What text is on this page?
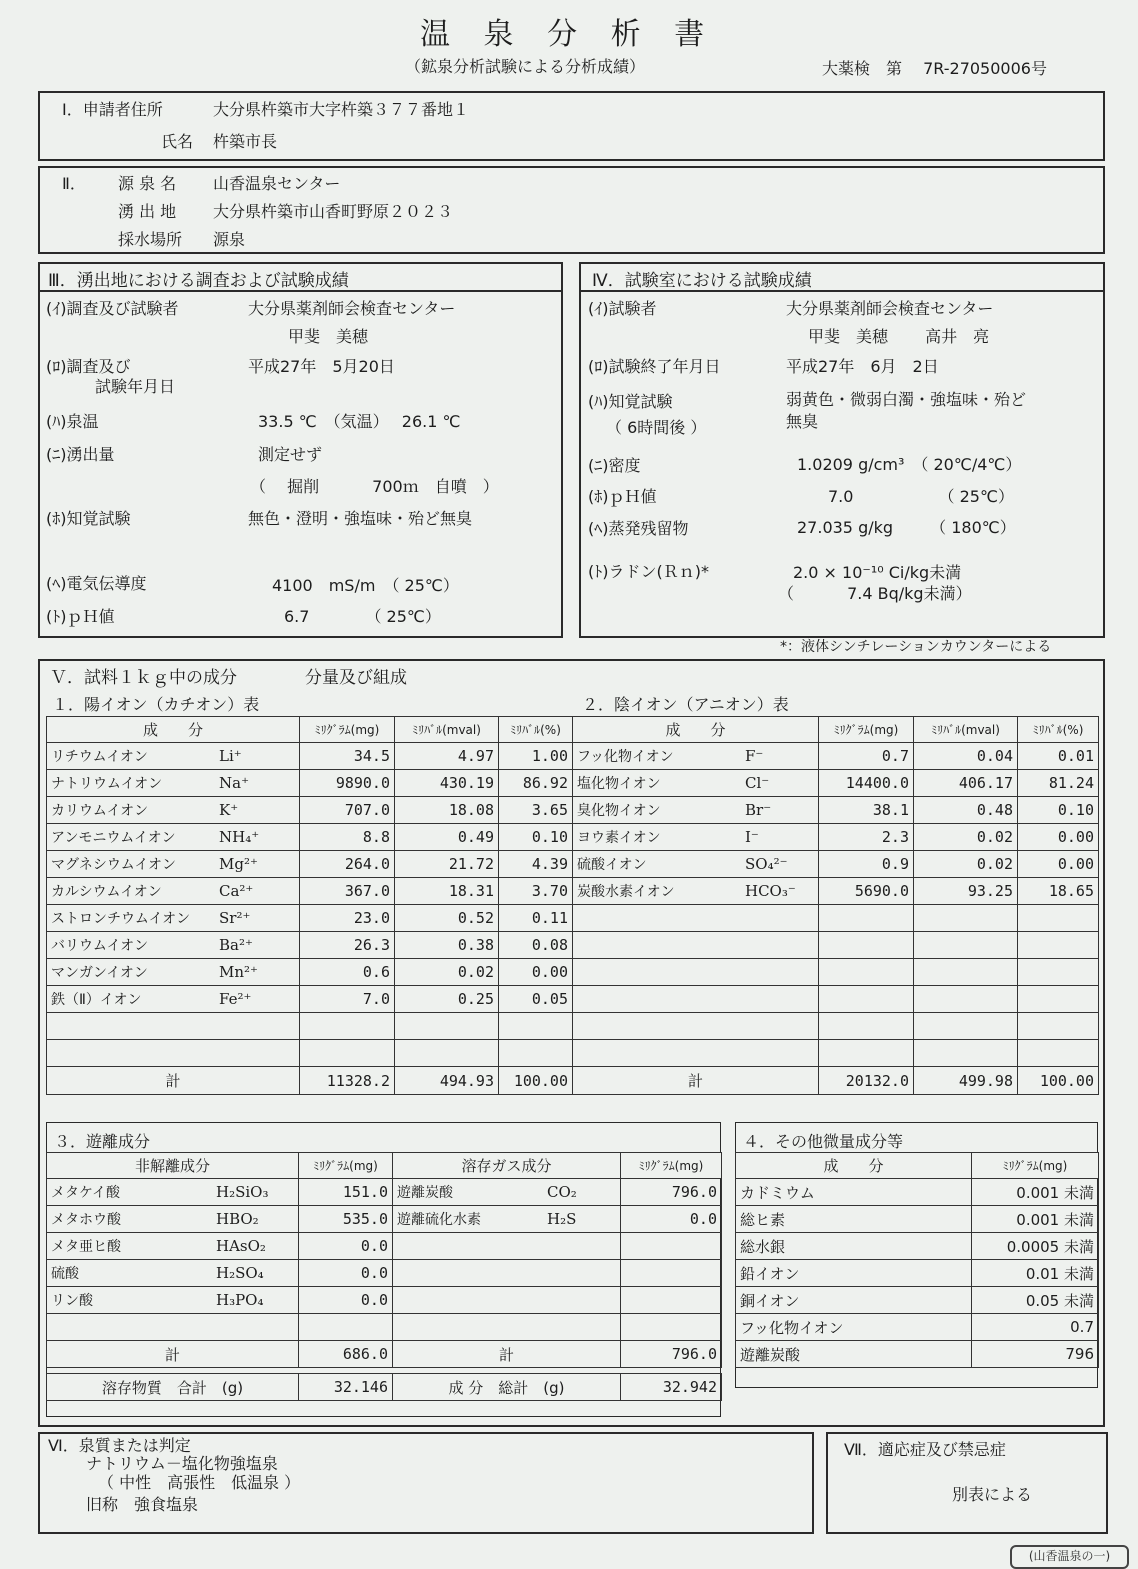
温 泉 分 析 書
（鉱泉分析試験による分析成績）	大薬検　第　 7R-27050006号
Ⅰ．申請者住所	大分県杵築市大字杵築３７７番地１
氏名 杵築市長
Ⅱ． 源 泉 名 山香温泉センター
湧 出 地 大分県杵築市山香町野原２０２３
採水場所 源泉
Ⅲ．湧出地における調査および試験成績
(ｲ)調査及び試験者	大分県薬剤師会検査センター
甲斐　美穂
(ﾛ)調査及び
試験年月日
平成27年　5月20日
(ﾊ)泉温	33.5 ℃　（気温）　 26.1 ℃
(ﾆ)湧出量	測定せず
（　 掘削　　　 700ｍ　自噴　）
(ﾎ)知覚試験	無色・澄明・強塩味・殆ど無臭
(ﾍ)電気伝導度	4100　mS/m　（ 25℃）
(ﾄ)ｐＨ値	6.7　　　　（ 25℃）
Ⅳ．試験室における試験成績
(ｲ)試験者	大分県薬剤師会検査センター
甲斐　美穂　　 高井　亮
(ﾛ)試験終了年月日	平成27年　6月　2日
(ﾊ)知覚試験
（ 6時間後 ）
弱黄色・微弱白濁・強塩味・殆ど
無臭
(ﾆ)密度	1.0209 g/cm³　（ 20℃/4℃）
(ﾎ)ｐＨ値	7.0　　　　　 （ 25℃）
(ﾍ)蒸発残留物	27.035 g/kg　　 （ 180℃）
(ﾄ)ラドン(Ｒｎ)*	2.0 × 10⁻¹⁰ Ci/kg未満
（　　　 7.4 Bq/kg未満）
*：液体シンチレーションカウンターによる
Ｖ．試料１ｋｇ中の成分　　　　分量及び組成
１．陽イオン（カチオン）表	２．陰イオン（アニオン）表
成　　分	ﾐﾘｸﾞﾗﾑ(mg)	ﾐﾘﾊﾞﾙ(mval)	ﾐﾘﾊﾞﾙ(%)
リチウムイオン Li⁺	34.5	4.97	1.00
ナトリウムイオン Na⁺	9890.0	430.19	86.92
カリウムイオン K⁺	707.0	18.08	3.65
アンモニウムイオン NH₄⁺	8.8	0.49	0.10
マグネシウムイオン Mg²⁺	264.0	21.72	4.39
カルシウムイオン Ca²⁺	367.0	18.31	3.70
ストロンチウムイオン Sr²⁺	23.0	0.52	0.11
バリウムイオン Ba²⁺	26.3	0.38	0.08
マンガンイオン Mn²⁺	0.6	0.02	0.00
鉄（Ⅱ）イオン Fe²⁺	7.0	0.25	0.05

計	11328.2	494.93	100.00
成　　分	ﾐﾘｸﾞﾗﾑ(mg)	ﾐﾘﾊﾞﾙ(mval)	ﾐﾘﾊﾞﾙ(%)
フッ化物イオン F⁻	0.7	0.04	0.01
塩化物イオン Cl⁻	14400.0	406.17	81.24
臭化物イオン Br⁻	38.1	0.48	0.10
ヨウ素イオン I⁻	2.3	0.02	0.00
硫酸イオン SO₄²⁻	0.9	0.02	0.00
炭酸水素イオン HCO₃⁻	5690.0	93.25	18.65

計	20132.0	499.98	100.00
３．遊離成分
非解離成分	ﾐﾘｸﾞﾗﾑ(mg)	溶存ガス成分	ﾐﾘｸﾞﾗﾑ(mg)
メタケイ酸 H₂SiO₃	151.0	遊離炭酸 CO₂	796.0
メタホウ酸 HBO₂	535.0	遊離硫化水素 H₂S	0.0
メタ亜ヒ酸 HAsO₂	0.0		
硫酸 H₂SO₄	0.0		
リン酸 H₃PO₄	0.0		

計	686.0	計	796.0

溶存物質　合計　(g)	32.146	成 分　総計　(g)	32.942
４．その他微量成分等
成　　分	ﾐﾘｸﾞﾗﾑ(mg)
カドミウム	0.001 未満
総ヒ素	0.001 未満
総水銀	0.0005 未満
鉛イオン	0.01 未満
銅イオン	0.05 未満
フッ化物イオン	0.7
遊離炭酸	796
Ⅵ．泉質または判定
ナトリウム－塩化物強塩泉
（ 中性　高張性　低温泉 ）
旧称　強食塩泉
Ⅶ．適応症及び禁忌症
別表による
(山香温泉の一)
